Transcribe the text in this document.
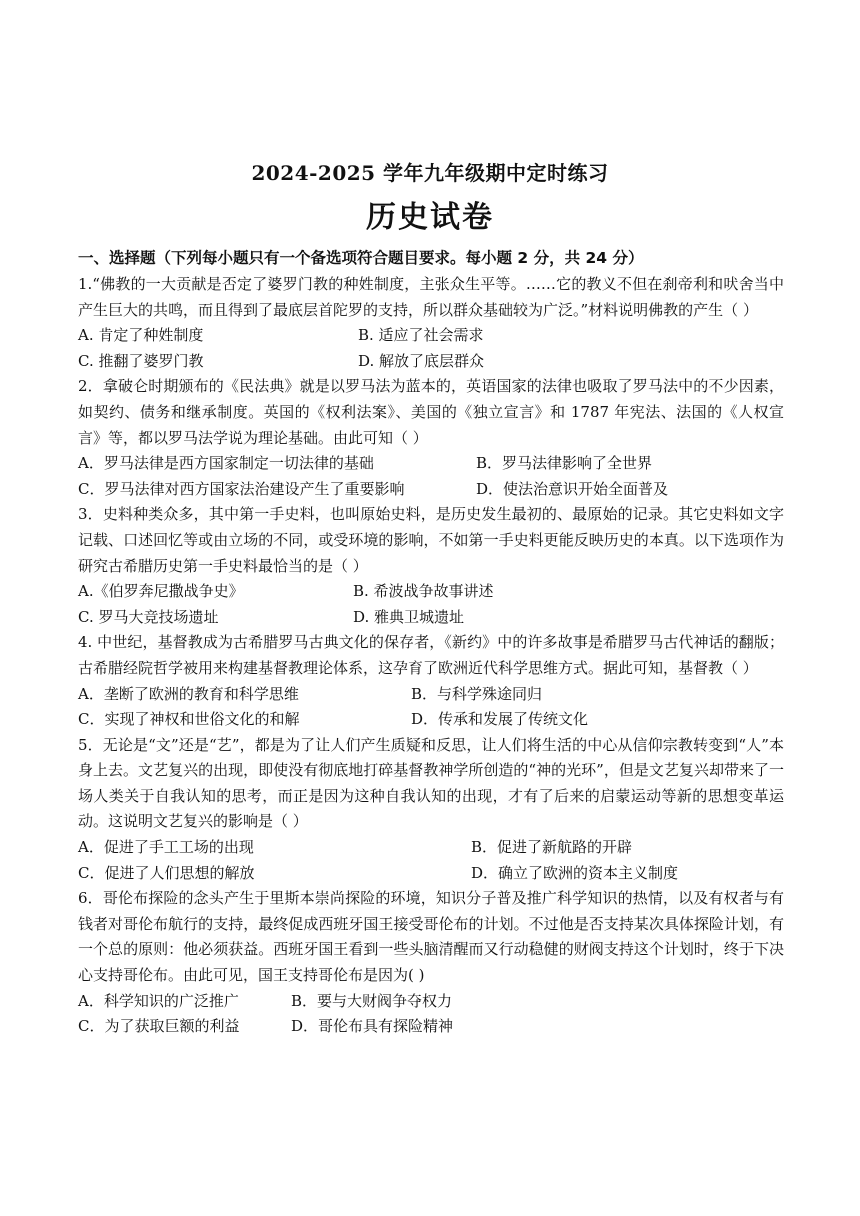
2024-2025 学年九年级期中定时练习
历史试卷
一、选择题（下列每小题只有一个备选项符合题目要求。每小题 2 分，共 24 分）

1.“佛教的一大贡献是否定了婆罗门教的种姓制度，主张众生平等。……它的教义不但在刹帝利和吠舍当中产生巨大的共鸣，而且得到了最底层首陀罗的支持，所以群众基础较为广泛。”材料说明佛教的产生（ ）

A. 肯定了种姓制度	B. 适应了社会需求
C. 推翻了婆罗门教	D. 解放了底层群众

2．拿破仑时期颁布的《民法典》就是以罗马法为蓝本的，英语国家的法律也吸取了罗马法中的不少因素，如契约、债务和继承制度。英国的《权利法案》、美国的《独立宣言》和 1787 年宪法、法国的《人权宣言》等，都以罗马法学说为理论基础。由此可知（ ）

A．罗马法律是西方国家制定一切法律的基础	B．罗马法律影响了全世界
C．罗马法律对西方国家法治建设产生了重要影响	D．使法治意识开始全面普及

3．史料种类众多，其中第一手史料，也叫原始史料，是历史发生最初的、最原始的记录。其它史料如文字记载、口述回忆等或由立场的不同，或受环境的影响，不如第一手史料更能反映历史的本真。以下选项作为研究古希腊历史第一手史料最恰当的是（ ）

A.《伯罗奔尼撒战争史》	B. 希波战争故事讲述
C. 罗马大竞技场遗址	D. 雅典卫城遗址

4. 中世纪，基督教成为古希腊罗马古典文化的保存者，《新约》中的许多故事是希腊罗马古代神话的翻版；古希腊经院哲学被用来构建基督教理论体系，这孕育了欧洲近代科学思维方式。据此可知，基督教（ ）

A．垄断了欧洲的教育和科学思维	B．与科学殊途同归
C．实现了神权和世俗文化的和解	D．传承和发展了传统文化

5．无论是“文”还是“艺”，都是为了让人们产生质疑和反思，让人们将生活的中心从信仰宗教转变到“人”本身上去。文艺复兴的出现，即使没有彻底地打碎基督教神学所创造的“神的光环”，但是文艺复兴却带来了一场人类关于自我认知的思考，而正是因为这种自我认知的出现，才有了后来的启蒙运动等新的思想变革运动。这说明文艺复兴的影响是（ ）

A．促进了手工工场的出现	B．促进了新航路的开辟
C．促进了人们思想的解放	D．确立了欧洲的资本主义制度

6．哥伦布探险的念头产生于里斯本崇尚探险的环境，知识分子普及推广科学知识的热情，以及有权者与有钱者对哥伦布航行的支持，最终促成西班牙国王接受哥伦布的计划。不过他是否支持某次具体探险计划，有一个总的原则：他必须获益。西班牙国王看到一些头脑清醒而又行动稳健的财阀支持这个计划时，终于下决心支持哥伦布。由此可见，国王支持哥伦布是因为( )

A．科学知识的广泛推广	B．要与大财阀争夺权力
C．为了获取巨额的利益	D．哥伦布具有探险精神
